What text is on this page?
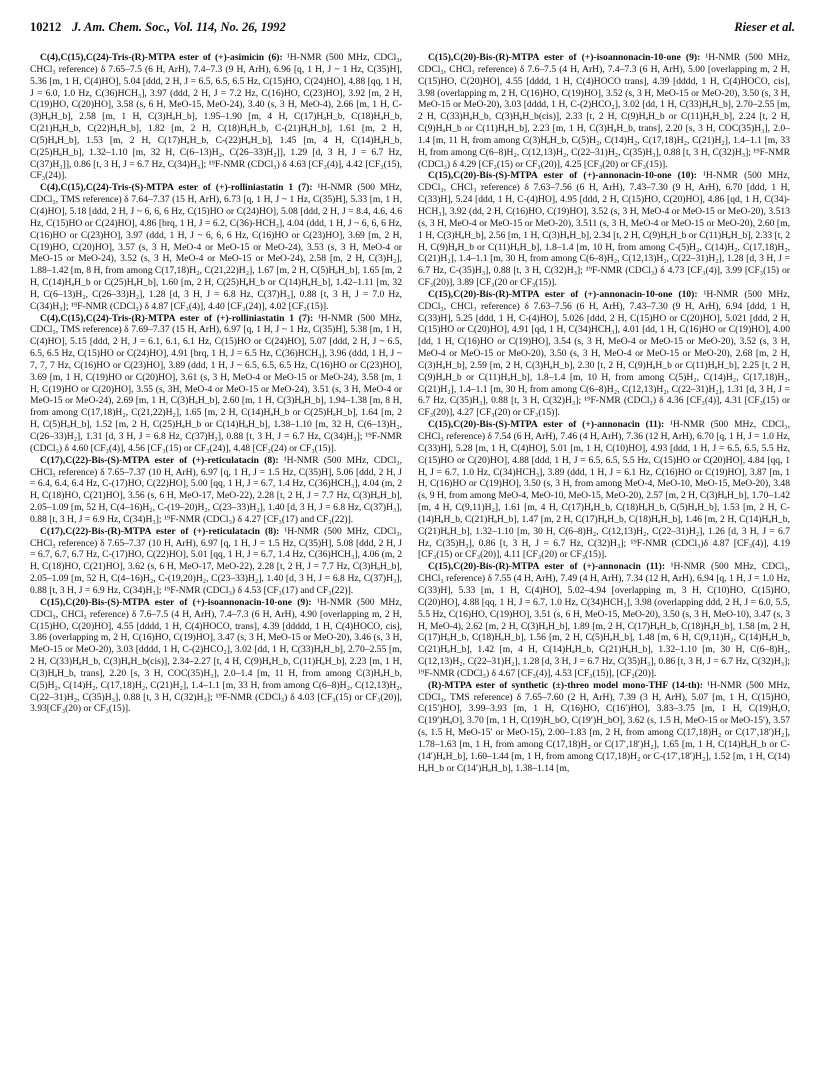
10212 J. Am. Chem. Soc., Vol. 114, No. 26, 1992	Rieser et al.

C(4),C(15),C(24)-Tris-(R)-MTPA ester of (+)-asimicin (6): ¹H-NMR (500 MHz, CDCl₃, CHCl₃ reference) δ 7.65–7.5 (6 H, ArH), 7.4–7.3 (9 H, ArH), 6.96 [q, 1 H, J ~ 1 Hz, C(35)H], 5.36 [m, 1 H, C(4)HO], 5.04 [ddd, 2 H, J = 6.5, 6.5, 6.5 Hz, C(15)HO, C(24)HO], 4.88 [qq, 1 H, J = 6.0, 1.0 Hz, C(36)HCH₃], 3.97 (ddd, 2 H, J = 7.2 Hz, C(16)HO, C(23)HO], 3.92 [m, 2 H, C(19)HO, C(20)HO], 3.58 (s, 6 H, MeO-15, MeO-24), 3.40 (s, 3 H, MeO-4), 2.66 [m, 1 H, C-(3)HₐH_b], 2.58 [m, 1 H, C(3)HₐH_b], 1.95–1.90 [m, 4 H, C(17)HₐH_b, C(18)HₐH_b, C(21)HₐH_b, C(22)HₐH_b], 1.82 [m, 2 H, C(18)HₐH_b, C-(21)HₐH_b], 1.61 [m, 2 H, C(5)HₐH_b], 1.53 [m, 2 H, C(17)HₐH_b, C-(22)HₐH_b], 1.45 [m, 4 H, C(14)HₐH_b, C(25)HₐH_b], 1.32–1.10 [m, 32 H, C(6–13)H₂, C(26–33)H₂]], 1.29 [d, 3 H, J = 6.7 Hz, C(37)H₃]], 0.86 [t, 3 H, J = 6.7 Hz, C(34)H₃]; ¹⁹F-NMR (CDCl₃) δ 4.63 [CF₃(4)], 4.42 [CF₃(15), CF₃(24)].

C(4),C(15),C(24)-Tris-(S)-MTPA ester of (+)-rolliniastatin 1 (7): ¹H-NMR (500 MHz, CDCl₃, TMS reference) δ 7.64–7.37 (15 H, ArH), 6.73 [q, 1 H, J ~ 1 Hz, C(35)H], 5.33 [m, 1 H, C(4)HO], 5.18 [ddd, 2 H, J ~ 6, 6, 6 Hz, C(15)HO or C(24)HO], 5.08 [ddd, 2 H, J = 8.4, 4.6, 4.6 Hz, C(15)HO or C(24)HO], 4.86 [brq, 1 H, J = 6.2, C(36)-HCH₃], 4.04 (ddd, 1 H, J ~ 6, 6, 6 Hz, C(16)HO or C(23)HO], 3.97 (ddd, 1 H, J ~ 6, 6, 6 Hz, C(16)HO or C(23)HO], 3.69 [m, 2 H, C(19)HO, C(20)HO], 3.57 (s, 3 H, MeO-4 or MeO-15 or MeO-24), 3.53 (s, 3 H, MeO-4 or MeO-15 or MeO-24), 3.52 (s, 3 H, MeO-4 or MeO-15 or MeO-24), 2.58 [m, 2 H, C(3)H₂], 1.88–1.42 [m, 8 H, from among C(17,18)H₂, C(21,22)H₂], 1.67 [m, 2 H, C(5)HₐH_b], 1.65 [m, 2 H, C(14)HₐH_b or C(25)HₐH_b], 1.60 [m, 2 H, C(25)HₐH_b or C(14)HₐH_b], 1.42–1.11 [m, 32 H, C(6–13)H₂, C(26–33)H₂], 1.28 [d, 3 H, J = 6.8 Hz, C(37)H₃], 0.88 [t, 3 H, J = 7.0 Hz, C(34)H₃]; ¹⁹F-NMR (CDCl₃) δ 4.87 [CF₃(4)], 4.40 [CF₃(24)], 4.02 [CF₃(15)].

C(4),C(15),C(24)-Tris-(R)-MTPA ester of (+)-rolliniastatin 1 (7): ¹H-NMR (500 MHz, CDCl₃, TMS reference) δ 7.69–7.37 (15 H, ArH), 6.97 [q, 1 H, J ~ 1 Hz, C(35)H], 5.38 [m, 1 H, C(4)HO], 5.15 [ddd, 2 H, J = 6.1, 6.1, 6.1 Hz, C(15)HO or C(24)HO], 5.07 [ddd, 2 H, J ~ 6.5, 6.5, 6.5 Hz, C(15)HO or C(24)HO], 4.91 [brq, 1 H, J = 6.5 Hz, C(36)HCH₃], 3.96 (ddd, 1 H, J ~ 7, 7, 7 Hz, C(16)HO or C(23)HO], 3.89 (ddd, 1 H, J ~ 6.5, 6.5, 6.5 Hz, C(16)HO or C(23)HO], 3.69 [m, 1 H, C(19)HO or C(20)HO], 3.61 (s, 3 H, MeO-4 or MeO-15 or MeO-24), 3.58 [m, 1 H, C(19)HO or C(20)HO], 3.55 (s, 3H, MeO-4 or MeO-15 or MeO-24), 3.51 (s, 3 H, MeO-4 or MeO-15 or MeO-24), 2.69 [m, 1 H, C(3)HₐH_b], 2.60 [m, 1 H, C(3)HₐH_b], 1.94–1.38 [m, 8 H, from among C(17,18)H₂, C(21,22)H₂], 1.65 [m, 2 H, C(14)HₐH_b or C(25)HₐH_b], 1.64 [m, 2 H, C(5)HₐH_b], 1.52 [m, 2 H, C(25)HₐH_b or C(14)HₐH_b], 1.38–1.10 [m, 32 H, C(6–13)H₂, C(26–33)H₂], 1.31 [d, 3 H, J = 6.8 Hz, C(37)H₃], 0.88 [t, 3 H, J = 6.7 Hz, C(34)H₃]; ¹⁹F-NMR (CDCl₃) δ 4.60 [CF₃(4)], 4.56 [CF₃(15) or CF₃(24)], 4.48 [CF₃(24) or CF₃(15)].

C(17),C(22)-Bis-(S)-MTPA ester of (+)-reticulatacin (8): ¹H-NMR (500 MHz, CDCl₃, CHCl₃ reference) δ 7.65–7.37 (10 H, ArH), 6.97 [q, 1 H, J = 1.5 Hz, C(35)H], 5.06 [ddd, 2 H, J = 6.4, 6.4, 6.4 Hz, C-(17)HO, C(22)HO], 5.00 [qq, 1 H, J = 6.7, 1.4 Hz, C(36)HCH₃], 4.04 (m, 2 H, C(18)HO, C(21)HO], 3.56 (s, 6 H, MeO-17, MeO-22), 2.28 [t, 2 H, J = 7.7 Hz, C(3)HₐH_b], 2.05–1.09 [m, 52 H, C(4–16)H₂, C-(19–20)H₂, C(23–33)H₂], 1.40 [d, 3 H, J = 6.8 Hz, C(37)H₃], 0.88 [t, 3 H, J = 6.9 Hz, C(34)H₃]; ¹⁹F-NMR (CDCl₃) δ 4.27 [CF₃(17) and CF₃(22)].

C(17),C(22)-Bis-(R)-MTPA ester of (+)-reticulatacin (8): ¹H-NMR (500 MHz, CDCl₃, CHCl₃ reference) δ 7.65–7.37 (10 H, ArH), 6.97 [q, 1 H, J = 1.5 Hz, C(35)H], 5.08 [ddd, 2 H, J = 6.7, 6.7, 6.7 Hz, C-(17)HO, C(22)HO], 5.01 [qq, 1 H, J = 6.7, 1.4 Hz, C(36)HCH₃], 4.06 (m, 2 H, C(18)HO, C(21)HO], 3.62 (s, 6 H, MeO-17, MeO-22), 2.28 [t, 2 H, J = 7.7 Hz, C(3)HₐH_b], 2.05–1.09 [m, 52 H, C(4–16)H₂, C-(19,20)H₂, C(23–33)H₂], 1.40 [d, 3 H, J = 6.8 Hz, C(37)H₃], 0.88 [t, 3 H, J = 6.9 Hz, C(34)H₃]; ¹⁹F-NMR (CDCl₃) δ 4.53 [CF₃(17) and CF₃(22)].

C(15),C(20)-Bis-(S)-MTPA ester of (+)-isoannonacin-10-one (9): ¹H-NMR (500 MHz, CDCl₃, CHCl₃ reference) δ 7.6–7.5 (4 H, ArH), 7.4–7.3 (6 H, ArH), 4.90 [overlapping m, 2 H, C(15)HO, C(20)HO], 4.55 [dddd, 1 H, C(4)HOCO, trans], 4.39 [ddddd, 1 H, C(4)HOCO, cis], 3.86 (overlapping m, 2 H, C(16)HO, C(19)HO], 3.47 (s, 3 H, MeO-15 or MeO-20), 3.46 (s, 3 H, MeO-15 or MeO-20), 3.03 [dddd, 1 H, C-(2)HCO₂], 3.02 [dd, 1 H, C(33)HₐH_b], 2.70–2.55 [m, 2 H, C(33)HₐH_b, C(3)HₐH_b(cis)], 2.34–2.27 [t, 4 H, C(9)HₐH_b, C(11)HₐH_b], 2.23 [m, 1 H, C(3)HₐH_b, trans], 2.20 [s, 3 H, COC(35)H₃], 2.0–1.4 [m, 11 H, from among C(3)HₐH_b, C(5)H₂, C(14)H₂, C(17,18)H₂, C(21)H₂], 1.4–1.1 [m, 33 H, from among C(6–8)H₂, C(12,13)H₂, C(22–31)H₂, C(35)H₃], 0.88 [t, 3 H, C(32)H₃]; ¹⁹F-NMR (CDCl₃) δ 4.03 [CF₃(15) or CF₃(20)], 3.93[CF₃(20) or CF₃(15)].

C(15),C(20)-Bis-(R)-MTPA ester of (+)-isoannonacin-10-one (9): ¹H-NMR (500 MHz, CDCl₃, CHCl₃ reference) δ 7.6–7.5 (4 H, ArH), 7.4–7.3 (6 H, ArH), 5.00 [overlapping m, 2 H, C(15)HO, C(20)HO], 4.55 [dddd, 1 H, C(4)HOCO trans], 4.39 [dddd, 1 H, C(4)HOCO, cis], 3.98 (overlapping m, 2 H, C(16)HO, C(19)HO], 3.52 (s, 3 H, MeO-15 or MeO-20), 3.50 (s, 3 H, MeO-15 or MeO-20), 3.03 [dddd, 1 H, C-(2)HCO₂], 3.02 [dd, 1 H, C(33)HₐH_b], 2.70–2.55 [m, 2 H, C(33)HₐH_b, C(3)HₐH_b(cis)], 2.33 [t, 2 H, C(9)HₐH_b or C(11)HₐH_b], 2.24 [t, 2 H, C(9)HₐH_b or C(11)HₐH_b], 2.23 [m, 1 H, C(3)HₐH_b, trans], 2.20 [s, 3 H, COC(35)H₃], 2.0–1.4 [m, 11 H, from among C(3)HₐH_b, C(5)H₂, C(14)H₂, C(17,18)H₂, C(21)H₂], 1.4–1.1 [m, 33 H, from among C(6–8)H₂, C(12,13)H₂, C(22–31)H₂, C(35)H₃], 0.88 [t, 3 H, C(32)H₃]; ¹⁹F-NMR (CDCl₃) δ 4.29 [CF₃(15) or CF₃(20)], 4.25 [CF₃(20) or CF₃(15)].

C(15),C(20)-Bis-(S)-MTPA ester of (+)-annonacin-10-one (10): ¹H-NMR (500 MHz, CDCl₃, CHCl₃ reference) δ 7.63–7.56 (6 H, ArH), 7.43–7.30 (9 H, ArH), 6.70 [ddd, 1 H, C(33)H], 5.24 [ddd, 1 H, C-(4)HO], 4.95 [ddd, 2 H, C(15)HO, C(20)HO], 4.86 [qd, 1 H, C(34)-HCH₃], 3.92 (dd, 2 H, C(16)HO, C(19)HO], 3.52 (s, 3 H, MeO-4 or MeO-15 or MeO-20), 3.513 (s, 3 H, MeO-4 or MeO-15 or MeO-20), 3.511 (s, 3 H, MeO-4 or MeO-15 or MeO-20), 2.60 [m, 1 H, C(3)HₐH_b], 2.56 [m, 1 H, C(3)HₐH_b], 2.34 [t, 2 H, C(9)HₐH_b or C(11)HₐH_b], 2.33 [t, 2 H, C(9)HₐH_b or C(11)HₐH_b], 1.8–1.4 [m, 10 H, from among C-(5)H₂, C(14)H₂, C(17,18)H₂, C(21)H₂], 1.4–1.1 [m, 30 H, from among C(6–8)H₂, C(12,13)H₂, C(22–31)H₂], 1.28 [d, 3 H, J = 6.7 Hz, C-(35)H₃], 0.88 [t, 3 H, C(32)H₃]; ¹⁹F-NMR (CDCl₃) δ 4.73 [CF₃(4)], 3.99 [CF₃(15) or CF₃(20)], 3.89 [CF₃(20 or CF₃(15)].

C(15),C(20)-Bis-(R)-MTPA ester of (+)-annonacin-10-one (10): ¹H-NMR (500 MHz, CDCl₃, CHCl₃ reference) δ 7.63–7.56 (6 H, ArH), 7.43–7.30 (9 H, ArH), 6.94 [ddd, 1 H, C(33)H], 5.25 [ddd, 1 H, C-(4)HO], 5.026 [ddd, 2 H, C(15)HO or C(20)HO], 5.021 [ddd, 2 H, C(15)HO or C(20)HO], 4.91 [qd, 1 H, C(34)HCH₃], 4.01 [dd, 1 H, C(16)HO or C(19)HO], 4.00 [dd, 1 H, C(16)HO or C(19)HO], 3.54 (s, 3 H, MeO-4 or MeO-15 or MeO-20), 3.52 (s, 3 H, MeO-4 or MeO-15 or MeO-20), 3.50 (s, 3 H, MeO-4 or MeO-15 or MeO-20), 2.68 [m, 2 H, C(3)HₐH_b], 2.59 [m, 2 H, C(3)HₐH_b], 2.30 [t, 2 H, C(9)HₐH_b or C(11)HₐH_b], 2.25 [t, 2 H, C(9)HₐH_b or C(11)HₐH_b], 1.8–1.4 [m, 10 H, from among C(5)H₂, C(14)H₂, C(17,18)H₂, C(21)H₂], 1.4–1.1 [m, 30 H, from among C(6–8)H₂, C(12,13)H₂, C(22–31)H₂], 1.31 [d, 3 H, J = 6.7 Hz, C(35)H₃], 0.88 [t, 3 H, C(32)H₃]; ¹⁹F-NMR (CDCl₃) δ 4.36 [CF₃(4)], 4.31 [CF₃(15) or CF₃(20)], 4.27 [CF₃(20) or CF₃(15)].

C(15),C(20)-Bis-(S)-MTPA ester of (+)-annonacin (11): ¹H-NMR (500 MHz, CDCl₃, CHCl₃ reference) δ 7.54 (6 H, ArH), 7.46 (4 H, ArH), 7.36 (12 H, ArH), 6.70 [q, 1 H, J = 1.0 Hz, C(33)H], 5.28 [m, 1 H, C(4)HO], 5.01 [m, 1 H, C(10)HO], 4.93 [ddd, 1 H, J = 6.5, 6.5, 5.5 Hz, C(15)HO or C(20)HO], 4.88 [ddd, 1 H, J = 6.5, 6.5, 5.5 Hz, C(15)HO or C(20)HO], 4.84 [qq, 1 H, J = 6.7, 1.0 Hz, C(34)HCH₃], 3.89 (ddd, 1 H, J = 6.1 Hz, C(16)HO or C(19)HO], 3.87 [m, 1 H, C(16)HO or C(19)HO], 3.50 (s, 3 H, from among MeO-4, MeO-10, MeO-15, MeO-20), 3.48 (s, 9 H, from among MeO-4, MeO-10, MeO-15, MeO-20), 2.57 [m, 2 H, C(3)HₐH_b], 1.70–1.42 [m, 4 H, C(9,11)H₂], 1.61 [m, 4 H, C(17)HₐH_b, C(18)HₐH_b, C(5)HₐH_b], 1.53 [m, 2 H, C-(14)HₐH_b, C(21)HₐH_b], 1.47 [m, 2 H, C(17)HₐH_b, C(18)HₐH_b], 1.46 [m, 2 H, C(14)HₐH_b, C(21)HₐH_b], 1.32–1.10 [m, 30 H, C(6–8)H₂, C(12,13)H₂, C(22–31)H₂], 1.26 [d, 3 H, J = 6.7 Hz, C(35)H₃], 0.86 [t, 3 H, J = 6.7 Hz, C(32)H₃]; ¹⁹F-NMR (CDCl₃)δ 4.87 [CF₃(4)], 4.19 [CF₃(15) or CF₃(20)], 4.11 [CF₃(20) or CF₃(15)].

C(15),C(20)-Bis-(R)-MTPA ester of (+)-annonacin (11): ¹H-NMR (500 MHz, CDCl₃, CHCl₃ reference) δ 7.55 (4 H, ArH), 7.49 (4 H, ArH), 7.34 (12 H, ArH), 6.94 [q, 1 H, J = 1.0 Hz, C(33)H], 5.33 [m, 1 H, C(4)HO], 5.02–4.94 [overlapping m, 3 H, C(10)HO, C(15)HO, C(20)HO], 4.88 [qq, 1 H, J = 6.7, 1.0 Hz, C(34)HCH₃], 3.98 (overlapping ddd, 2 H, J = 6.0, 5.5, 5.5 Hz, C(16)HO, C(19)HO], 3.51 (s, 6 H, MeO-15, MeO-20), 3.50 (s, 3 H, MeO-10), 3.47 (s, 3 H, MeO-4), 2.62 [m, 2 H, C(3)HₐH_b], 1.89 [m, 2 H, C(17)HₐH_b, C(18)HₐH_b], 1.58 [m, 2 H, C(17)HₐH_b, C(18)HₐH_b], 1.56 [m, 2 H, C(5)HₐH_b], 1.48 [m, 6 H, C(9,11)H₂, C(14)HₐH_b, C(21)HₐH_b], 1.42 [m, 4 H, C(14)HₐH_b, C(21)HₐH_b], 1.32–1.10 [m, 30 H, C(6–8)H₂, C(12,13)H₂, C(22–31)H₂], 1.28 [d, 3 H, J = 6.7 Hz, C(35)H₃], 0.86 [t, 3 H, J = 6.7 Hz, C(32)H₃]; ¹⁹F-NMR (CDCl₃) δ 4.67 [CF₃(4)], 4.53 [CF₃(15)], [CF₃(20)].

(R)-MTPA ester of synthetic (±)-threo model mono-THF (14-th): ¹H-NMR (500 MHz, CDCl₃, TMS reference) δ 7.65–7.60 (2 H, ArH), 7.39 (3 H, ArH), 5.07 [m, 1 H, C(15)HO, C(15′)HO], 3.99–3.93 [m, 1 H, C(16)HO, C(16′)HO], 3.83–3.75 [m, 1 H, C(19)HₐO, C(19′)HₐO], 3.70 [m, 1 H, C(19)H_bO, C(19′)H_bO], 3.62 (s, 1.5 H, MeO-15 or MeO-15′), 3.57 (s, 1.5 H, MeO-15′ or MeO-15), 2.00–1.83 [m, 2 H, from among C(17,18)H₂ or C(17′,18′)H₂], 1.78–1.63 [m, 1 H, from among C(17,18)H₂ or C(17′,18′)H₂], 1.65 [m, 1 H, C(14)HₐH_b or C-(14′)HₐH_b], 1.60–1.44 [m, 1 H, from among C(17,18)H₂ or C-(17′,18′)H₂], 1.52 [m, 1 H, C(14) HₐH_b or C(14′)HₐH_b], 1.38–1.14 [m,
